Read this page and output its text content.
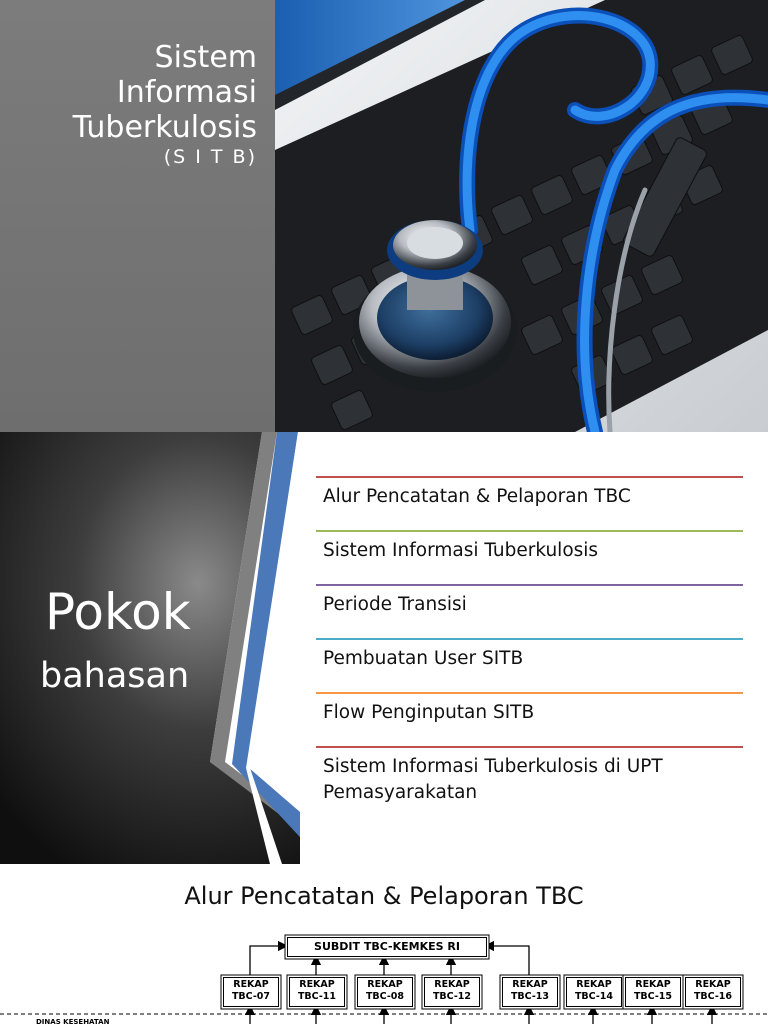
Sistem
Informasi
Tuberkulosis
(S I T B)
Pokok
bahasan
Alur Pencatatan & Pelaporan TBC
Sistem Informasi Tuberkulosis
Periode Transisi
Pembuatan User SITB
Flow Penginputan SITB
Sistem Informasi Tuberkulosis di UPT Pemasyarakatan
Alur Pencatatan & Pelaporan TBC
SUBDIT TBC-KEMKES RI
REKAP
TBC-07
REKAP
TBC-11
REKAP
TBC-08
REKAP
TBC-12
REKAP
TBC-13
REKAP
TBC-14
REKAP
TBC-15
REKAP
TBC-16
DINAS KESEHATAN
